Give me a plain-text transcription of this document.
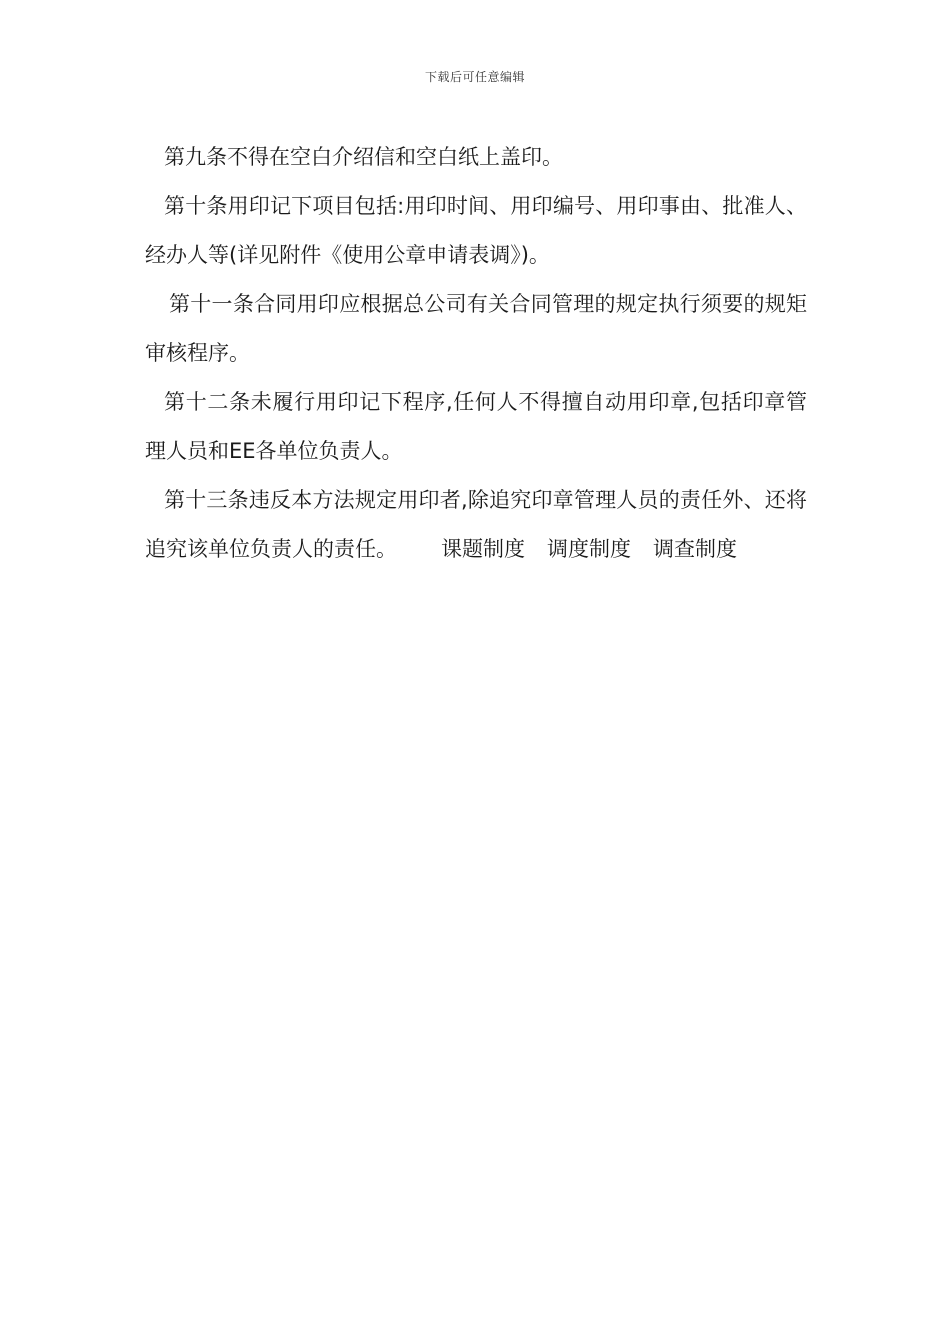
下载后可任意编辑

第九条不得在空白介绍信和空白纸上盖印。

第十条用印记下项目包括:用印时间、用印编号、用印事由、批准人、经办人等(详见附件《使用公章申请表调》)。

第十一条合同用印应根据总公司有关合同管理的规定执行须要的规矩审核程序。

第十二条未履行用印记下程序,任何人不得擅自动用印章,包括印章管理人员和EE各单位负责人。

第十三条违反本方法规定用印者,除追究印章管理人员的责任外、还将追究该单位负责人的责任。 课题制度 调度制度 调查制度
